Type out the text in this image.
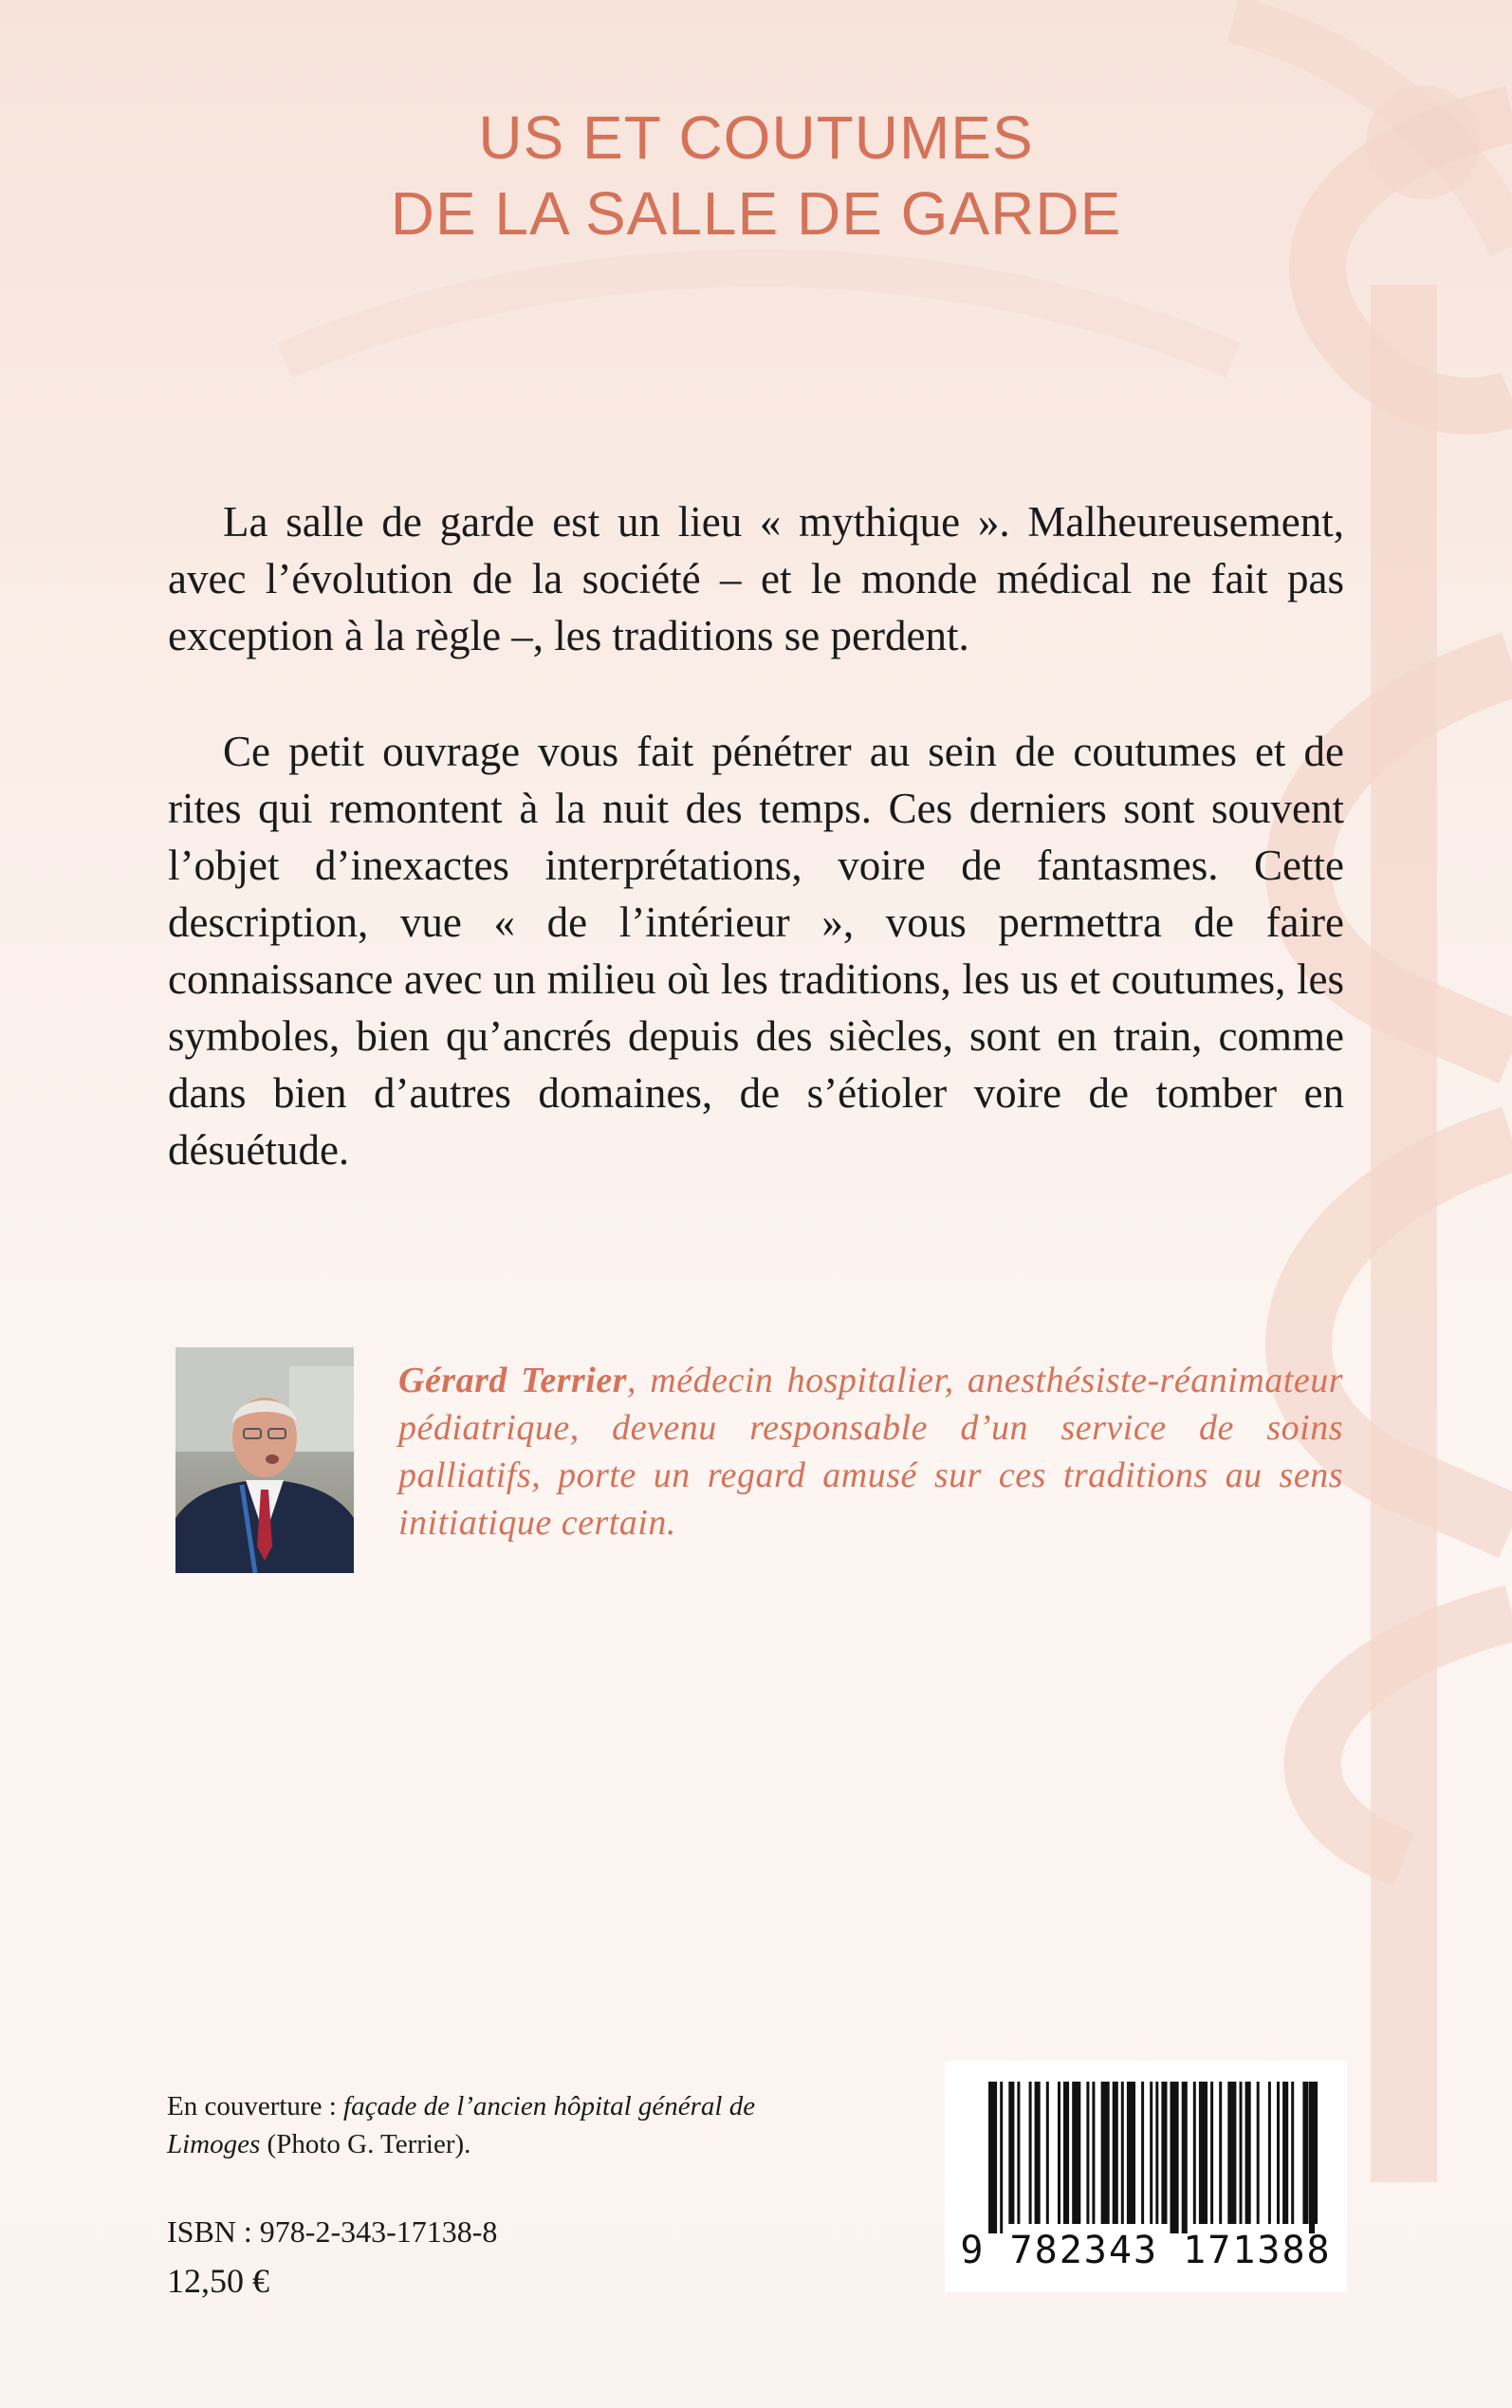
US ET COUTUMES
DE LA SALLE DE GARDE

La salle de garde est un lieu « mythique ». Malheureusement, avec l’évolution de la société – et le monde médical ne fait pas exception à la règle –, les traditions se perdent.

Ce petit ouvrage vous fait pénétrer au sein de coutumes et de rites qui remontent à la nuit des temps. Ces derniers sont souvent l’objet d’inexactes interprétations, voire de fantasmes. Cette description, vue « de l’intérieur », vous permettra de faire connaissance avec un milieu où les traditions, les us et coutumes, les symboles, bien qu’ancrés depuis des siècles, sont en train, comme dans bien d’autres domaines, de s’étioler voire de tomber en désuétude.

Gérard Terrier, médecin hospitalier, anesthésiste-réanimateur pédiatrique, devenu responsable d’un service de soins palliatifs, porte un regard amusé sur ces traditions au sens initiatique certain.

En couverture : façade de l’ancien hôpital général de Limoges (Photo G. Terrier).

ISBN : 978-2-343-17138-8
12,50 €
9 782343 171388
